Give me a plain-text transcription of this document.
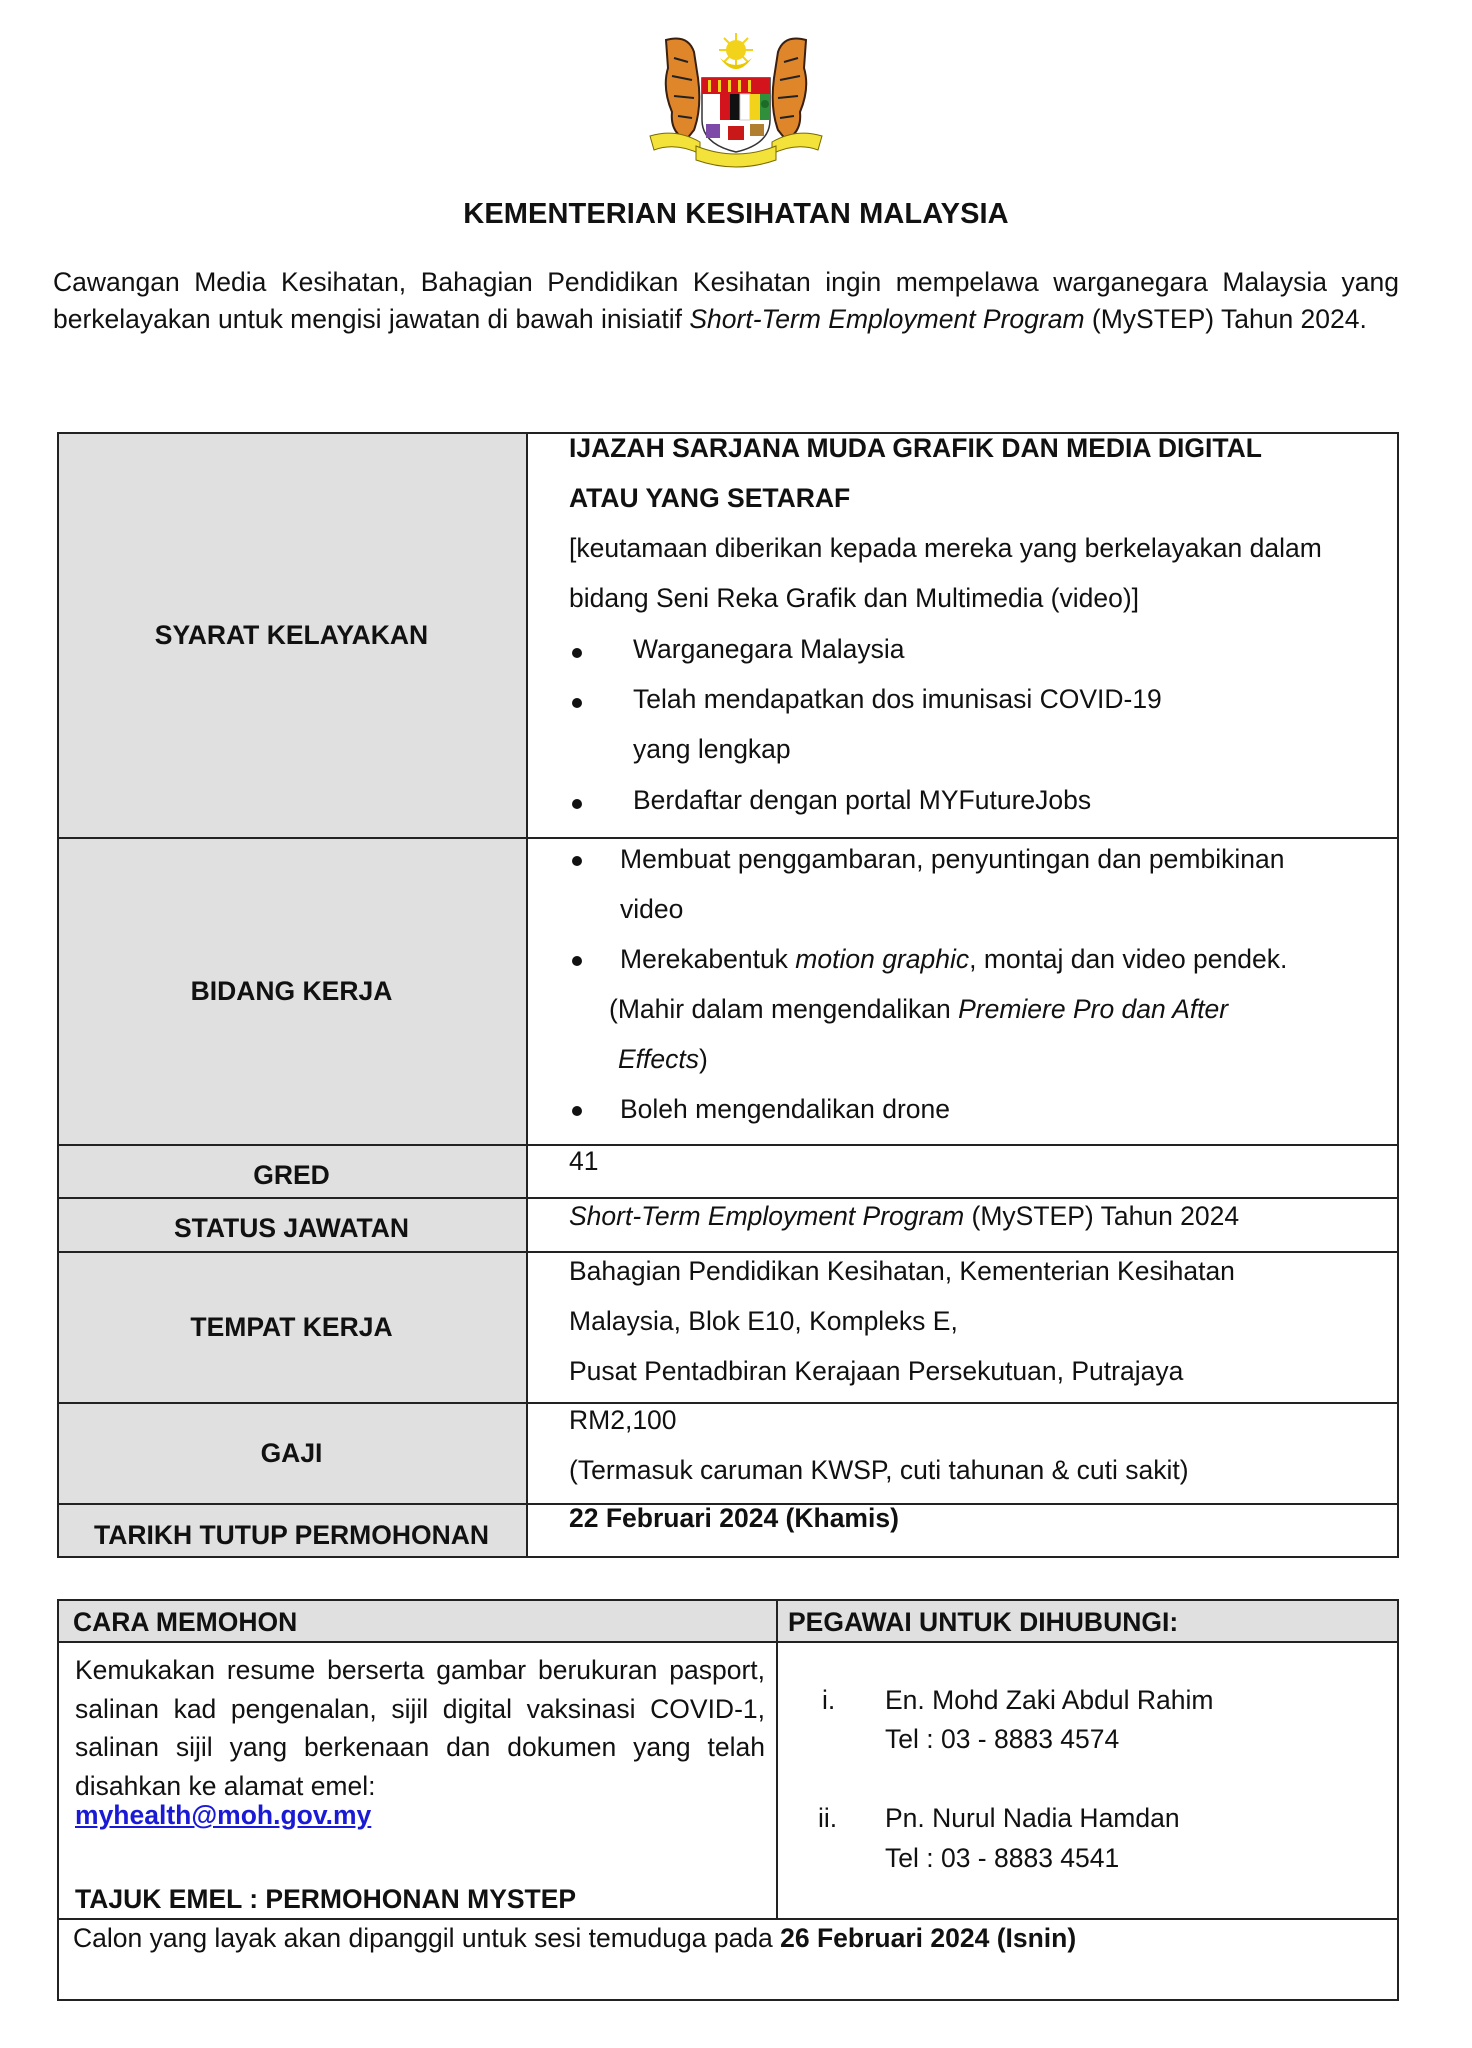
KEMENTERIAN KESIHATAN MALAYSIA
Cawangan Media Kesihatan, Bahagian Pendidikan Kesihatan ingin mempelawa warganegara Malaysia yang berkelayakan untuk mengisi jawatan di bawah inisiatif Short-Term Employment Program (MySTEP) Tahun 2024.
SYARAT KELAYAKAN
IJAZAH SARJANA MUDA GRAFIK DAN MEDIA DIGITAL
ATAU YANG SETARAF
[keutamaan diberikan kepada mereka yang berkelayakan dalam
bidang Seni Reka Grafik dan Multimedia (video)]
Warganegara Malaysia
Telah mendapatkan dos imunisasi COVID-19
yang lengkap
Berdaftar dengan portal MYFutureJobs
BIDANG KERJA
Membuat penggambaran, penyuntingan dan pembikinan
video
Merekabentuk motion graphic, montaj dan video pendek.
(Mahir dalam mengendalikan Premiere Pro dan After
Effects)
Boleh mengendalikan drone
GRED	41
STATUS JAWATAN	Short-Term Employment Program (MySTEP) Tahun 2024
TEMPAT KERJA
Bahagian Pendidikan Kesihatan, Kementerian Kesihatan
Malaysia, Blok E10, Kompleks E,
Pusat Pentadbiran Kerajaan Persekutuan, Putrajaya
GAJI
RM2,100
(Termasuk caruman KWSP, cuti tahunan & cuti sakit)
TARIKH TUTUP PERMOHONAN
22 Februari 2024 (Khamis)
CARA MEMOHON	PEGAWAI UNTUK DIHUBUNGI:
Kemukakan resume berserta gambar berukuran pasport, salinan kad pengenalan, sijil digital vaksinasi COVID-1, salinan sijil yang berkenaan dan dokumen yang telah disahkan ke alamat emel:
myhealth@moh.gov.my
TAJUK EMEL : PERMOHONAN MYSTEP
i. En. Mohd Zaki Abdul Rahim
Tel : 03 - 8883 4574
ii. Pn. Nurul Nadia Hamdan
Tel : 03 - 8883 4541
Calon yang layak akan dipanggil untuk sesi temuduga pada 26 Februari 2024 (Isnin)
